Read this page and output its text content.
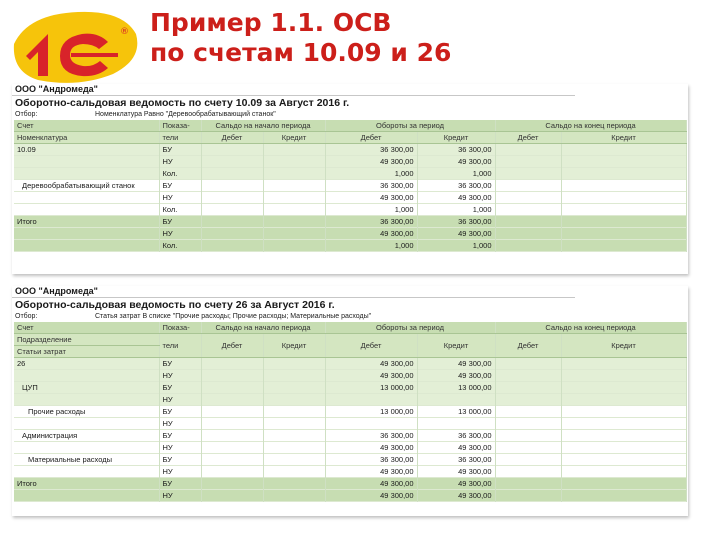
® Пример 1.1. ОСВ
по счетам 10.09 и 26
ООО "Андромеда"
Оборотно-сальдовая ведомость по счету 10.09 за Август 2016 г.
Отбор:	Номенклатура Равно "Деревообрабатывающий станок"
Счет	Показа-	Сальдо на начало периода		Обороты за период		Сальдо на конец периода	
Номенклатура	тели	Дебет	Кредит	Дебет	Кредит	Дебет	Кредит
10.09	БУ			36 300,00	36 300,00		
	НУ			49 300,00	49 300,00		
	Кол.			1,000	1,000		
Деревообрабатывающий станок	БУ			36 300,00	36 300,00		
	НУ			49 300,00	49 300,00		
	Кол.			1,000	1,000		
Итого	БУ			36 300,00	36 300,00		
	НУ			49 300,00	49 300,00		
	Кол.			1,000	1,000		
ООО "Андромеда"
Оборотно-сальдовая ведомость по счету 26 за Август 2016 г.
Отбор:	Статья затрат В списке "Прочие расходы; Прочие расходы; Материальные расходы"
Счет	Показа-	Сальдо на начало периода		Обороты за период		Сальдо на конец периода	
Подразделение	тели	Дебет	Кредит	Дебет	Кредит	Дебет	Кредит
Статьи затрат							
26	БУ			49 300,00	49 300,00		
	НУ			49 300,00	49 300,00		
ЦУП	БУ			13 000,00	13 000,00		
	НУ						
Прочие расходы	БУ			13 000,00	13 000,00		
	НУ						
Администрация	БУ			36 300,00	36 300,00		
	НУ			49 300,00	49 300,00		
Материальные расходы	БУ			36 300,00	36 300,00		
	НУ			49 300,00	49 300,00		
Итого	БУ			49 300,00	49 300,00		
	НУ			49 300,00	49 300,00		
